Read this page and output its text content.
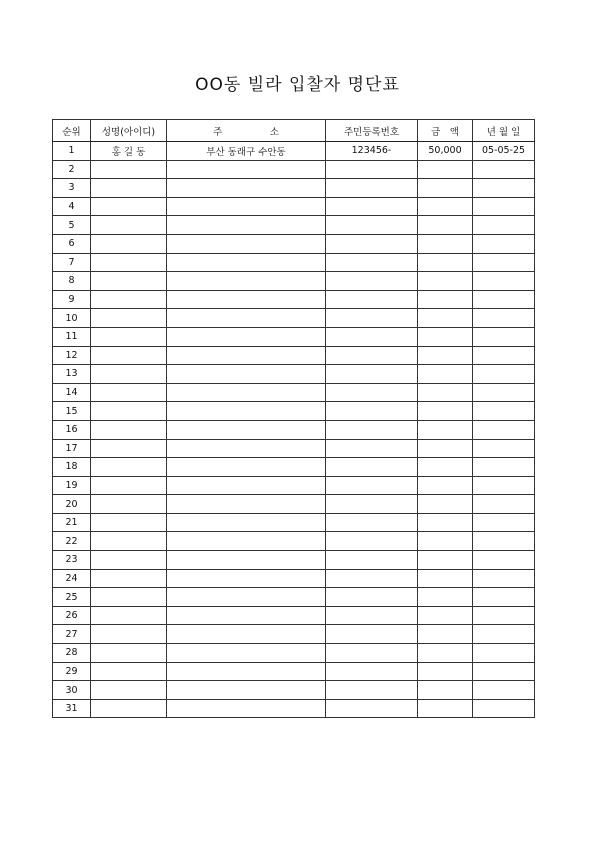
OO동 빌라 입찰자 명단표
순위	성명(아이디)	주　　　　　소	주민등록번호	금　액	년 월 일
1	홍 길 동	부산 동래구 수안동	123456-	50,000	05-05-25
2					
3					
4					
5					
6					
7					
8					
9					
10					
11					
12					
13					
14					
15					
16					
17					
18					
19					
20					
21					
22					
23					
24					
25					
26					
27					
28					
29					
30					
31					
